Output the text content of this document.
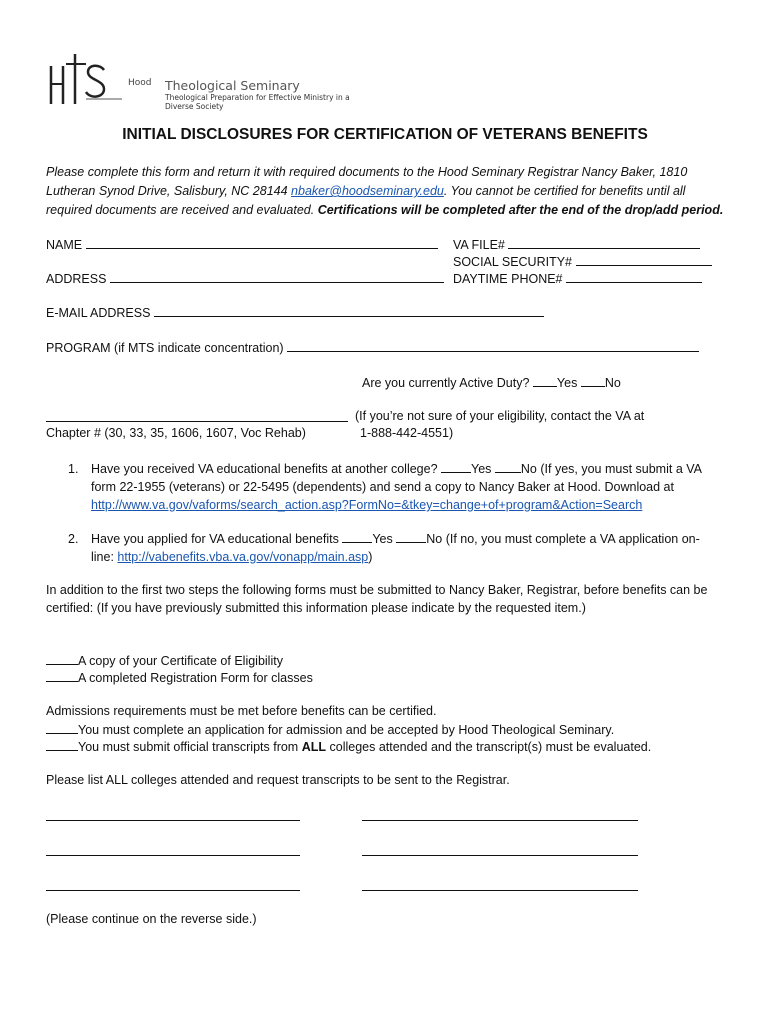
Hood Theological Seminary
Theological Preparation for Effective Ministry in a Diverse Society
INITIAL DISCLOSURES FOR CERTIFICATION OF VETERANS BENEFITS
Please complete this form and return it with required documents to the Hood Seminary Registrar Nancy Baker, 1810 Lutheran Synod Drive, Salisbury, NC 28144 nbaker@hoodseminary.edu. You cannot be certified for benefits until all required documents are received and evaluated. Certifications will be completed after the end of the drop/add period.
NAME	VA FILE#
SOCIAL SECURITY#
ADDRESS	DAYTIME PHONE#
E-MAIL ADDRESS
PROGRAM (if MTS indicate concentration)
Are you currently Active Duty? Yes No
Chapter # (30, 33, 35, 1606, 1607, Voc Rehab)
(If you’re not sure of your eligibility, contact the VA at
1-888-442-4551)
1. Have you received VA educational benefits at another college?	Yes No (If yes, you must submit a VA
form 22-1955 (veterans) or 22-5495 (dependents) and send a copy to Nancy Baker at Hood. Download at
http://www.va.gov/vaforms/search_action.asp?FormNo=&tkey=change+of+program&Action=Search
2. Have you applied for VA educational benefits	Yes	No (If no, you must complete a VA application on-
line: http://vabenefits.vba.va.gov/vonapp/main.asp)
In addition to the first two steps the following forms must be submitted to Nancy Baker, Registrar, before benefits can be certified: (If you have previously submitted this information please indicate by the requested item.)
A copy of your Certificate of Eligibility
A completed Registration Form for classes
Admissions requirements must be met before benefits can be certified.
You must complete an application for admission and be accepted by Hood Theological Seminary.
You must submit official transcripts from ALL colleges attended and the transcript(s) must be evaluated.
Please list ALL colleges attended and request transcripts to be sent to the Registrar.
(Please continue on the reverse side.)
